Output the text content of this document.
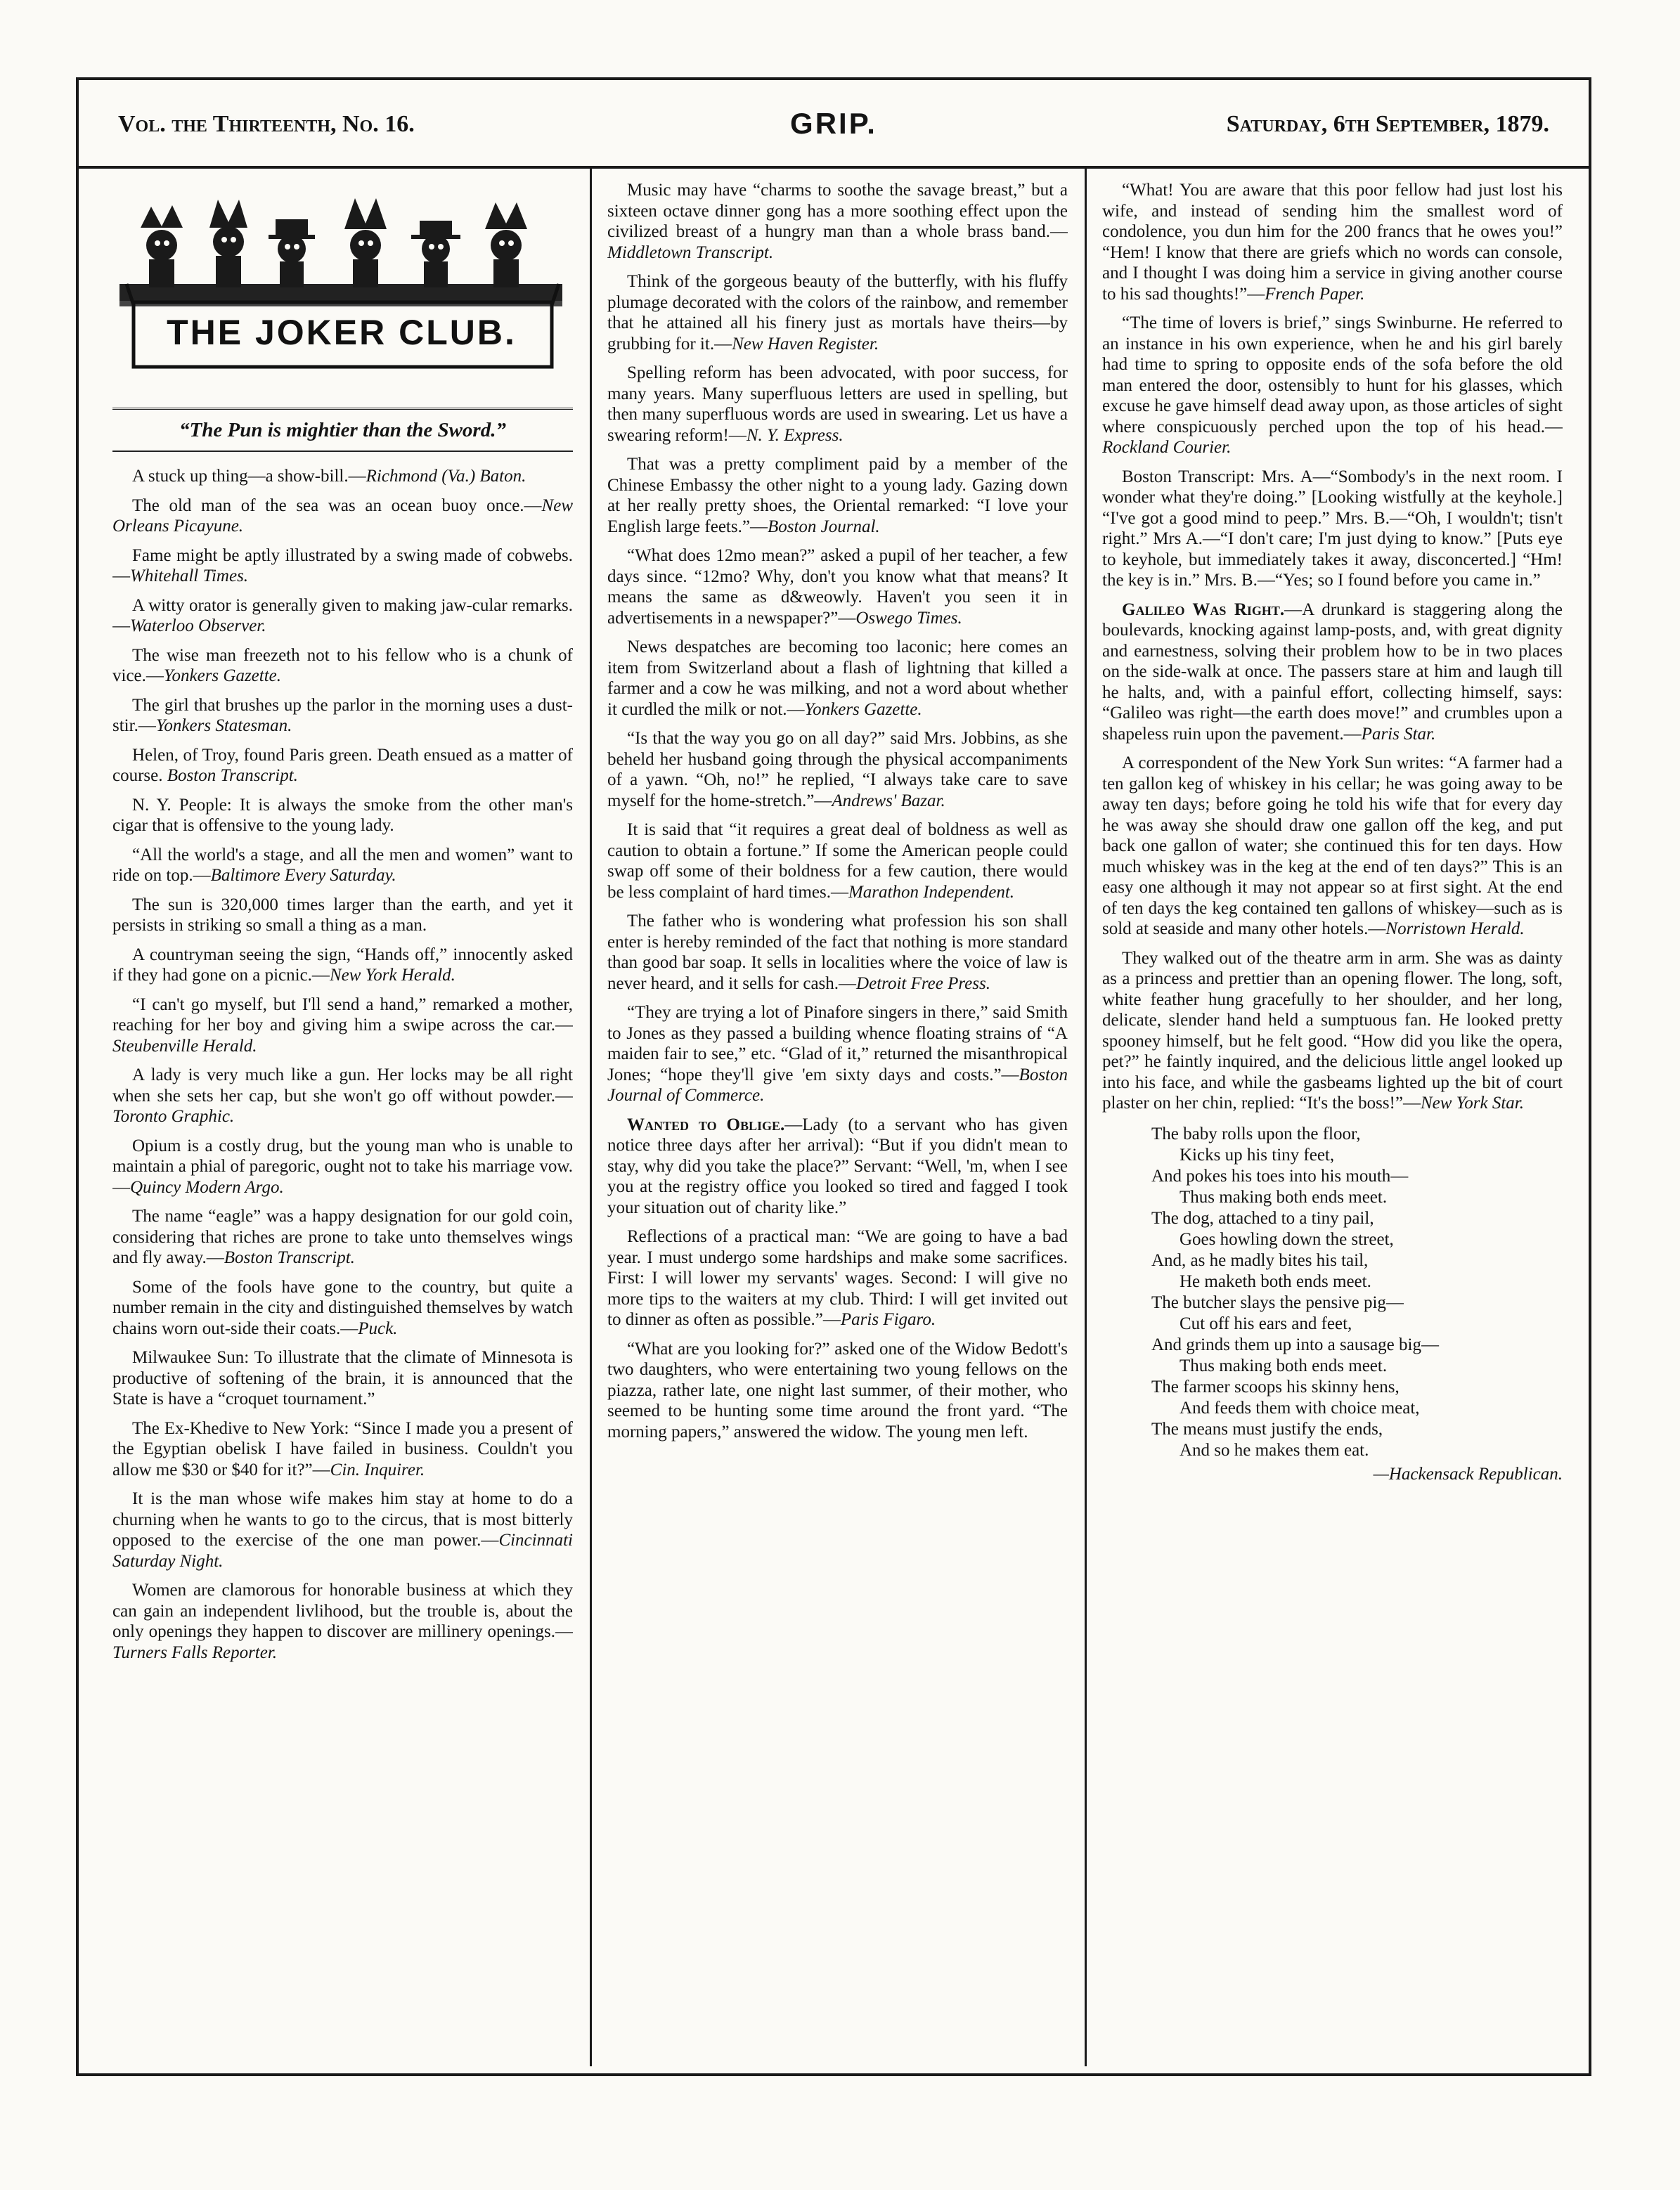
Vol. the Thirteenth, No. 16.	GRIP.	Saturday, 6th September, 1879.
THE JOKER CLUB.
“The Pun is mightier than the Sword.”

A stuck up thing—a show-bill.—Richmond (Va.) Baton.

The old man of the sea was an ocean buoy once.—New Orleans Picayune.

Fame might be aptly illustrated by a swing made of cobwebs.—Whitehall Times.

A witty orator is generally given to making jaw-cular remarks.—Waterloo Observer.

The wise man freezeth not to his fellow who is a chunk of vice.—Yonkers Gazette.

The girl that brushes up the parlor in the morning uses a dust-stir.—Yonkers Statesman.

Helen, of Troy, found Paris green. Death ensued as a matter of course. Boston Transcript.

N. Y. People: It is always the smoke from the other man's cigar that is offensive to the young lady.

“All the world's a stage, and all the men and women” want to ride on top.—Baltimore Every Saturday.

The sun is 320,000 times larger than the earth, and yet it persists in striking so small a thing as a man.

A countryman seeing the sign, “Hands off,” innocently asked if they had gone on a picnic.—New York Herald.

“I can't go myself, but I'll send a hand,” remarked a mother, reaching for her boy and giving him a swipe across the car.—Steubenville Herald.

A lady is very much like a gun. Her locks may be all right when she sets her cap, but she won't go off without powder.—Toronto Graphic.

Opium is a costly drug, but the young man who is unable to maintain a phial of paregoric, ought not to take his marriage vow.—Quincy Modern Argo.

The name “eagle” was a happy designation for our gold coin, considering that riches are prone to take unto themselves wings and fly away.—Boston Transcript.

Some of the fools have gone to the country, but quite a number remain in the city and distinguished themselves by watch chains worn out-side their coats.—Puck.

Milwaukee Sun: To illustrate that the climate of Minnesota is productive of softening of the brain, it is announced that the State is have a “croquet tournament.”

The Ex-Khedive to New York: “Since I made you a present of the Egyptian obelisk I have failed in business. Couldn't you allow me $30 or $40 for it?”—Cin. Inquirer.

It is the man whose wife makes him stay at home to do a churning when he wants to go to the circus, that is most bitterly opposed to the exercise of the one man power.—Cincinnati Saturday Night.

Women are clamorous for honorable business at which they can gain an independent livlihood, but the trouble is, about the only openings they happen to discover are millinery openings.—Turners Falls Reporter.

Music may have “charms to soothe the savage breast,” but a sixteen octave dinner gong has a more soothing effect upon the civilized breast of a hungry man than a whole brass band.—Middletown Transcript.

Think of the gorgeous beauty of the butterfly, with his fluffy plumage decorated with the colors of the rainbow, and remember that he attained all his finery just as mortals have theirs—by grubbing for it.—New Haven Register.

Spelling reform has been advocated, with poor success, for many years. Many superfluous letters are used in spelling, but then many superfluous words are used in swearing. Let us have a swearing reform!—N. Y. Express.

That was a pretty compliment paid by a member of the Chinese Embassy the other night to a young lady. Gazing down at her really pretty shoes, the Oriental remarked: “I love your English large feets.”—Boston Journal.

“What does 12mo mean?” asked a pupil of her teacher, a few days since. “12mo? Why, don't you know what that means? It means the same as d&weowly. Haven't you seen it in advertisements in a newspaper?”—Oswego Times.

News despatches are becoming too laconic; here comes an item from Switzerland about a flash of lightning that killed a farmer and a cow he was milking, and not a word about whether it curdled the milk or not.—Yonkers Gazette.

“Is that the way you go on all day?” said Mrs. Jobbins, as she beheld her husband going through the physical accompaniments of a yawn. “Oh, no!” he replied, “I always take care to save myself for the home-stretch.”—Andrews' Bazar.

It is said that “it requires a great deal of boldness as well as caution to obtain a fortune.” If some the American people could swap off some of their boldness for a few caution, there would be less complaint of hard times.—Marathon Independent.

The father who is wondering what profession his son shall enter is hereby reminded of the fact that nothing is more standard than good bar soap. It sells in localities where the voice of law is never heard, and it sells for cash.—Detroit Free Press.

“They are trying a lot of Pinafore singers in there,” said Smith to Jones as they passed a building whence floating strains of “A maiden fair to see,” etc. “Glad of it,” returned the misanthropical Jones; “hope they'll give 'em sixty days and costs.”—Boston Journal of Commerce.

Wanted to Oblige.—Lady (to a servant who has given notice three days after her arrival): “But if you didn't mean to stay, why did you take the place?” Servant: “Well, 'm, when I see you at the registry office you looked so tired and fagged I took your situation out of charity like.”

Reflections of a practical man: “We are going to have a bad year. I must undergo some hardships and make some sacrifices. First: I will lower my servants' wages. Second: I will give no more tips to the waiters at my club. Third: I will get invited out to dinner as often as possible.”—Paris Figaro.

“What are you looking for?” asked one of the Widow Bedott's two daughters, who were entertaining two young fellows on the piazza, rather late, one night last summer, of their mother, who seemed to be hunting some time around the front yard. “The morning papers,” answered the widow. The young men left.

“What! You are aware that this poor fellow had just lost his wife, and instead of sending him the smallest word of condolence, you dun him for the 200 francs that he owes you!” “Hem! I know that there are griefs which no words can console, and I thought I was doing him a service in giving another course to his sad thoughts!”—French Paper.

“The time of lovers is brief,” sings Swinburne. He referred to an instance in his own experience, when he and his girl barely had time to spring to opposite ends of the sofa before the old man entered the door, ostensibly to hunt for his glasses, which excuse he gave himself dead away upon, as those articles of sight where conspicuously perched upon the top of his head.—Rockland Courier.

Boston Transcript: Mrs. A—“Sombody's in the next room. I wonder what they're doing.” [Looking wistfully at the keyhole.] “I've got a good mind to peep.” Mrs. B.—“Oh, I wouldn't; tisn't right.” Mrs A.—“I don't care; I'm just dying to know.” [Puts eye to keyhole, but immediately takes it away, disconcerted.] “Hm! the key is in.” Mrs. B.—“Yes; so I found before you came in.”

Galileo Was Right.—A drunkard is staggering along the boulevards, knocking against lamp-posts, and, with great dignity and earnestness, solving their problem how to be in two places on the side-walk at once. The passers stare at him and laugh till he halts, and, with a painful effort, collecting himself, says: “Galileo was right—the earth does move!” and crumbles upon a shapeless ruin upon the pavement.—Paris Star.

A correspondent of the New York Sun writes: “A farmer had a ten gallon keg of whiskey in his cellar; he was going away to be away ten days; before going he told his wife that for every day he was away she should draw one gallon off the keg, and put back one gallon of water; she continued this for ten days. How much whiskey was in the keg at the end of ten days?” This is an easy one although it may not appear so at first sight. At the end of ten days the keg contained ten gallons of whiskey—such as is sold at seaside and many other hotels.—Norristown Herald.

They walked out of the theatre arm in arm. She was as dainty as a princess and prettier than an opening flower. The long, soft, white feather hung gracefully to her shoulder, and her long, delicate, slender hand held a sumptuous fan. He looked pretty spooney himself, but he felt good. “How did you like the opera, pet?” he faintly inquired, and the delicious little angel looked up into his face, and while the gasbeams lighted up the bit of court plaster on her chin, replied: “It's the boss!”—New York Star.

The baby rolls upon the floor,
Kicks up his tiny feet,
And pokes his toes into his mouth—
Thus making both ends meet.
The dog, attached to a tiny pail,
Goes howling down the street,
And, as he madly bites his tail,
He maketh both ends meet.
The butcher slays the pensive pig—
Cut off his ears and feet,
And grinds them up into a sausage big—
Thus making both ends meet.
The farmer scoops his skinny hens,
And feeds them with choice meat,
The means must justify the ends,
And so he makes them eat.
—Hackensack Republican.
